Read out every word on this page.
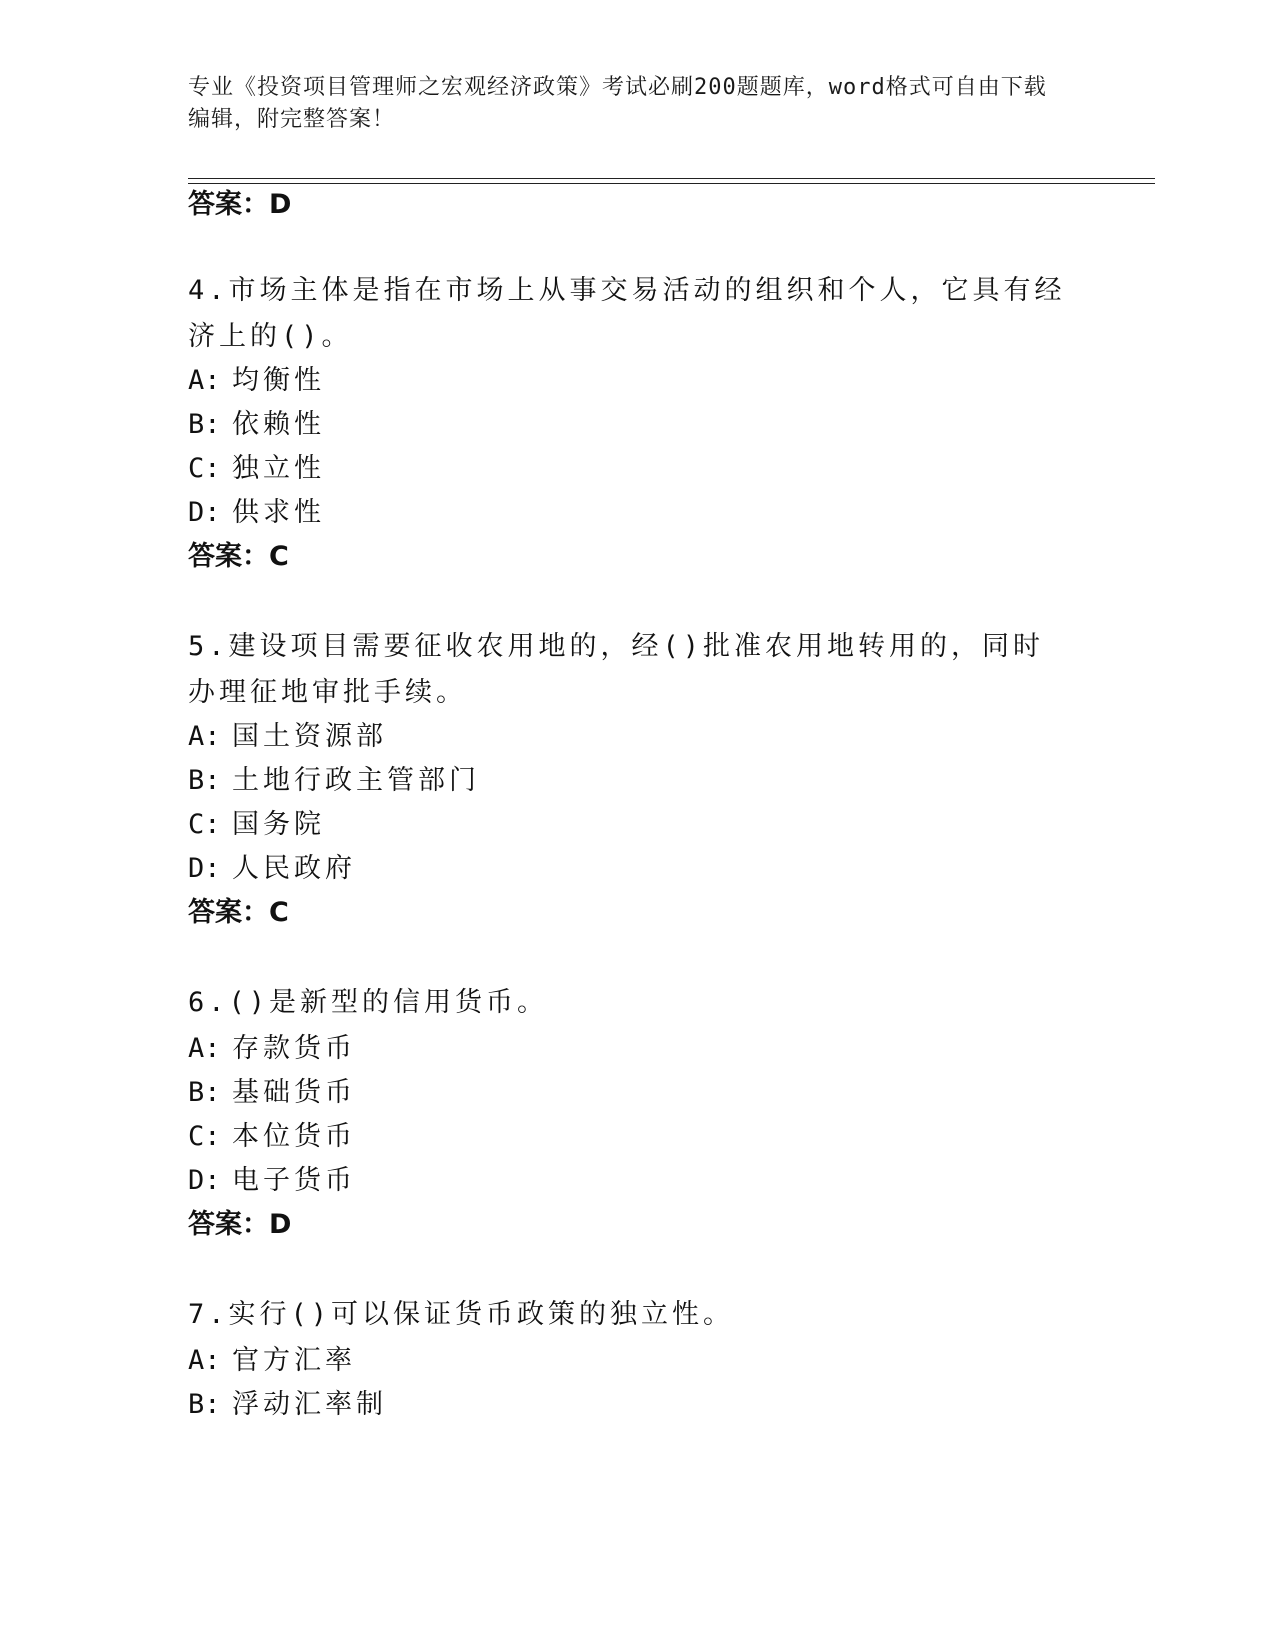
专业《投资项目管理师之宏观经济政策》考试必刷200题题库，word格式可自由下载编辑，附完整答案！
答案：D
4.市场主体是指在市场上从事交易活动的组织和个人，它具有经济上的()。
A: 均衡性
B: 依赖性
C: 独立性
D: 供求性
答案：C
5.建设项目需要征收农用地的，经()批准农用地转用的，同时办理征地审批手续。
A: 国土资源部
B: 土地行政主管部门
C: 国务院
D: 人民政府
答案：C
6.()是新型的信用货币。
A: 存款货币
B: 基础货币
C: 本位货币
D: 电子货币
答案：D
7.实行()可以保证货币政策的独立性。
A: 官方汇率
B: 浮动汇率制
